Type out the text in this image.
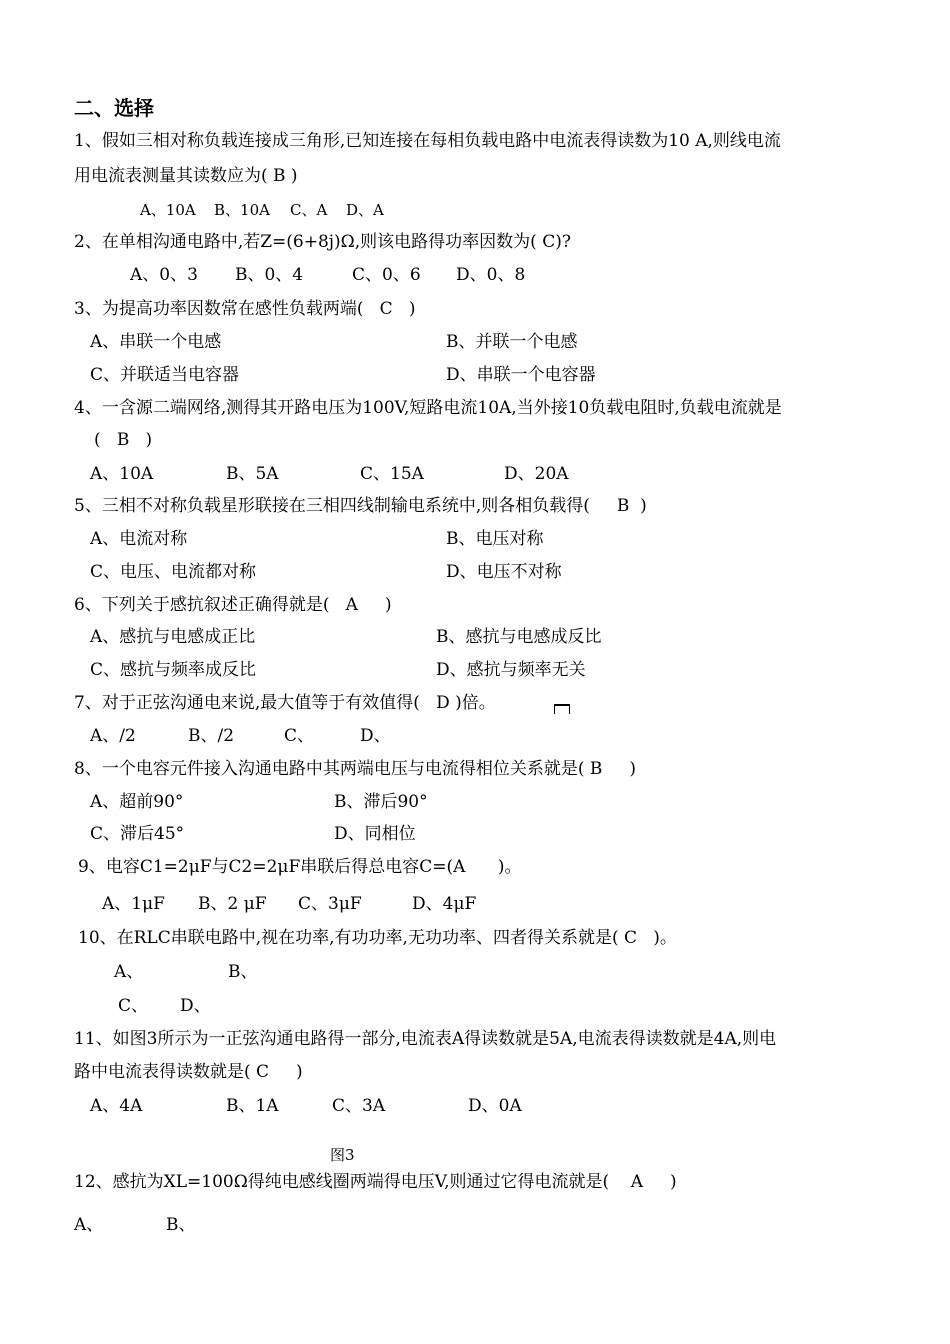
二、选择
1、假如三相对称负载连接成三角形,已知连接在每相负载电路中电流表得读数为10 A,则线电流
用电流表测量其读数应为( B )
A、10A B、10A C、A D、A
2、在单相沟通电路中,若Z=(6+8j)Ω,则该电路得功率因数为( C)?
A、0、3 B、0、4	C、0、6 D、0、8
3、为提高功率因数常在感性负载两端(   C   )
A、串联一个电感	B、并联一个电感
C、并联适当电容器	D、串联一个电容器
4、一含源二端网络,测得其开路电压为100V,短路电流10A,当外接10负载电阻时,负载电流就是
(   B   )
A、10A	B、5A	C、15A	D、20A
5、三相不对称负载星形联接在三相四线制输电系统中,则各相负载得(     B  )
A、电流对称	B、电压对称
C、电压、电流都对称	D、电压不对称
6、下列关于感抗叙述正确得就是(   A     )
A、感抗与电感成正比	B、感抗与电感成反比
C、感抗与频率成反比	D、感抗与频率无关
7、对于正弦沟通电来说,最大值等于有效值得(   D )倍。
A、/2	B、/2	C、	D、
8、一个电容元件接入沟通电路中其两端电压与电流得相位关系就是( B     )
A、超前90°	B、滞后90°
C、滞后45°	D、同相位
9、电容C1=2μF与C2=2μF串联后得总电容C=(A      )。
A、1μF B、2 μF C、3μF	D、4μF
10、在RLC串联电路中,视在功率,有功功率,无功功率、四者得关系就是( C   )。
A、	B、
C、 D、
11、如图3所示为一正弦沟通电路得一部分,电流表A得读数就是5A,电流表得读数就是4A,则电
路中电流表得读数就是( C     )
A、4A	B、1A	C、3A	D、0A
图3
12、感抗为XL=100Ω得纯电感线圈两端得电压V,则通过它得电流就是(    A     )
A、	B、
